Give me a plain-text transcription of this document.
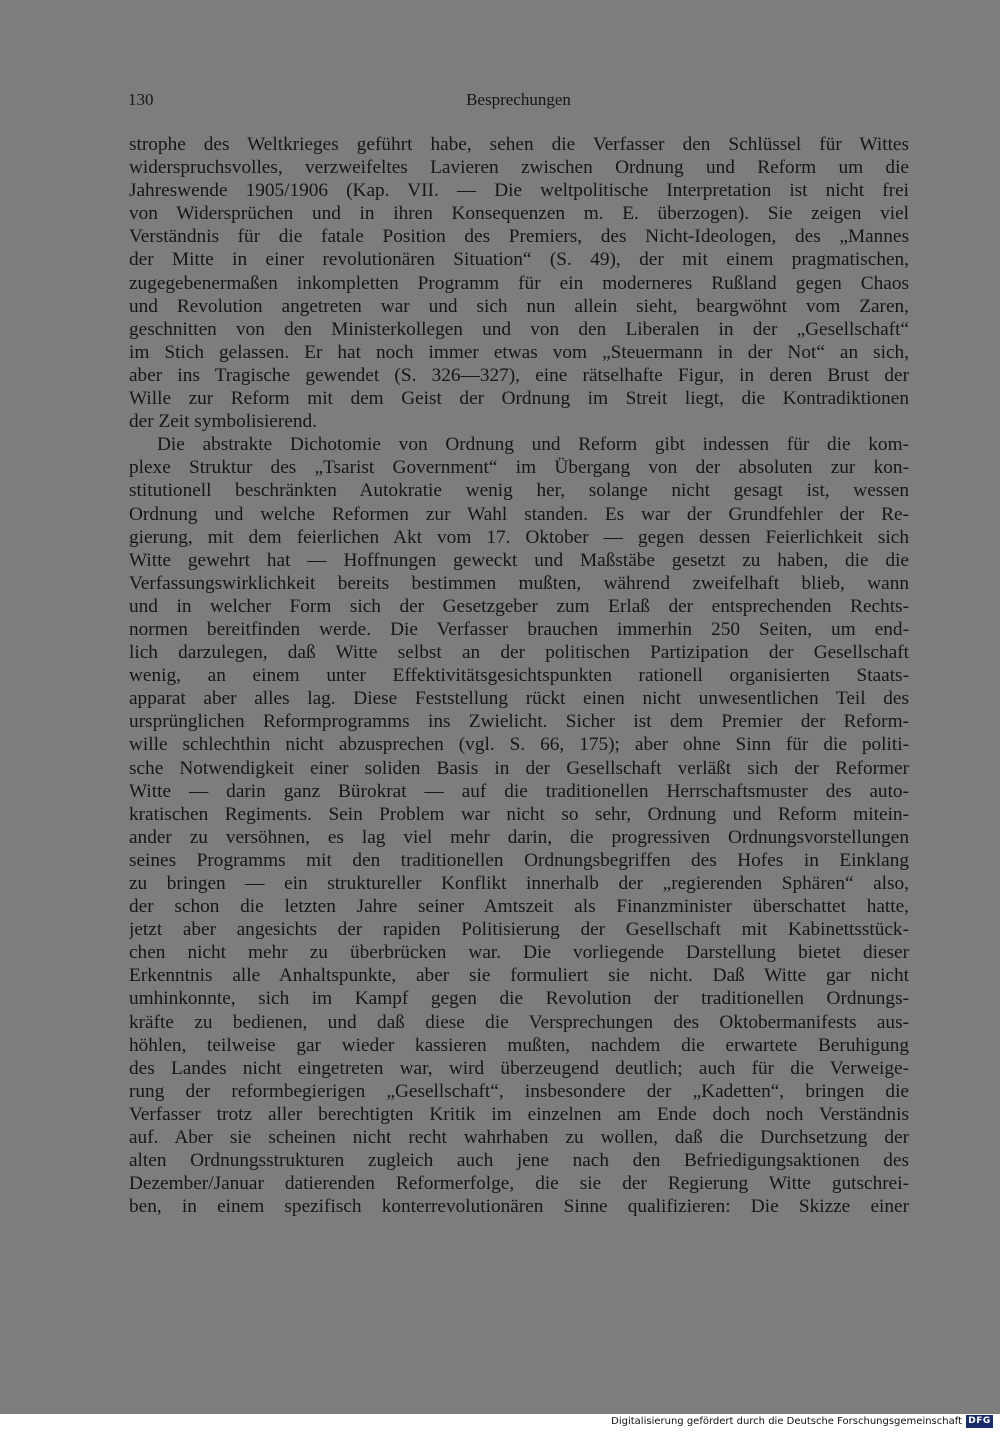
130	Besprechungen
strophe des Weltkrieges geführt habe, sehen die Verfasser den Schlüssel für Wittes
widerspruchsvolles, verzweifeltes Lavieren zwischen Ordnung und Reform um die
Jahreswende 1905/1906 (Kap. VII. — Die weltpolitische Interpretation ist nicht frei
von Widersprüchen und in ihren Konsequenzen m. E. überzogen). Sie zeigen viel
Verständnis für die fatale Position des Premiers, des Nicht-Ideologen, des „Mannes
der Mitte in einer revolutionären Situation“ (S. 49), der mit einem pragmatischen,
zugegebenermaßen inkompletten Programm für ein moderneres Rußland gegen Chaos
und Revolution angetreten war und sich nun allein sieht, beargwöhnt vom Zaren,
geschnitten von den Ministerkollegen und von den Liberalen in der „Gesellschaft“
im Stich gelassen. Er hat noch immer etwas vom „Steuermann in der Not“ an sich,
aber ins Tragische gewendet (S. 326—327), eine rätselhafte Figur, in deren Brust der
Wille zur Reform mit dem Geist der Ordnung im Streit liegt, die Kontradiktionen
der Zeit symbolisierend.
Die abstrakte Dichotomie von Ordnung und Reform gibt indessen für die kom-
plexe Struktur des „Tsarist Government“ im Übergang von der absoluten zur kon-
stitutionell beschränkten Autokratie wenig her, solange nicht gesagt ist, wessen
Ordnung und welche Reformen zur Wahl standen. Es war der Grundfehler der Re-
gierung, mit dem feierlichen Akt vom 17. Oktober — gegen dessen Feierlichkeit sich
Witte gewehrt hat — Hoffnungen geweckt und Maßstäbe gesetzt zu haben, die die
Verfassungswirklichkeit bereits bestimmen mußten, während zweifelhaft blieb, wann
und in welcher Form sich der Gesetzgeber zum Erlaß der entsprechenden Rechts-
normen bereitfinden werde. Die Verfasser brauchen immerhin 250 Seiten, um end-
lich darzulegen, daß Witte selbst an der politischen Partizipation der Gesellschaft
wenig, an einem unter Effektivitätsgesichtspunkten rationell organisierten Staats-
apparat aber alles lag. Diese Feststellung rückt einen nicht unwesentlichen Teil des
ursprünglichen Reformprogramms ins Zwielicht. Sicher ist dem Premier der Reform-
wille schlechthin nicht abzusprechen (vgl. S. 66, 175); aber ohne Sinn für die politi-
sche Notwendigkeit einer soliden Basis in der Gesellschaft verläßt sich der Reformer
Witte — darin ganz Bürokrat — auf die traditionellen Herrschaftsmuster des auto-
kratischen Regiments. Sein Problem war nicht so sehr, Ordnung und Reform mitein-
ander zu versöhnen, es lag viel mehr darin, die progressiven Ordnungsvorstellungen
seines Programms mit den traditionellen Ordnungsbegriffen des Hofes in Einklang
zu bringen — ein struktureller Konflikt innerhalb der „regierenden Sphären“ also,
der schon die letzten Jahre seiner Amtszeit als Finanzminister überschattet hatte,
jetzt aber angesichts der rapiden Politisierung der Gesellschaft mit Kabinettsstück-
chen nicht mehr zu überbrücken war. Die vorliegende Darstellung bietet dieser
Erkenntnis alle Anhaltspunkte, aber sie formuliert sie nicht. Daß Witte gar nicht
umhinkonnte, sich im Kampf gegen die Revolution der traditionellen Ordnungs-
kräfte zu bedienen, und daß diese die Versprechungen des Oktobermanifests aus-
höhlen, teilweise gar wieder kassieren mußten, nachdem die erwartete Beruhigung
des Landes nicht eingetreten war, wird überzeugend deutlich; auch für die Verweige-
rung der reformbegierigen „Gesellschaft“, insbesondere der „Kadetten“, bringen die
Verfasser trotz aller berechtigten Kritik im einzelnen am Ende doch noch Verständnis
auf. Aber sie scheinen nicht recht wahrhaben zu wollen, daß die Durchsetzung der
alten Ordnungsstrukturen zugleich auch jene nach den Befriedigungsaktionen des
Dezember/Januar datierenden Reformerfolge, die sie der Regierung Witte gutschrei-
ben, in einem spezifisch konterrevolutionären Sinne qualifizieren: Die Skizze einer
Digitalisierung gefördert durch die Deutsche Forschungsgemeinschaft DFG
